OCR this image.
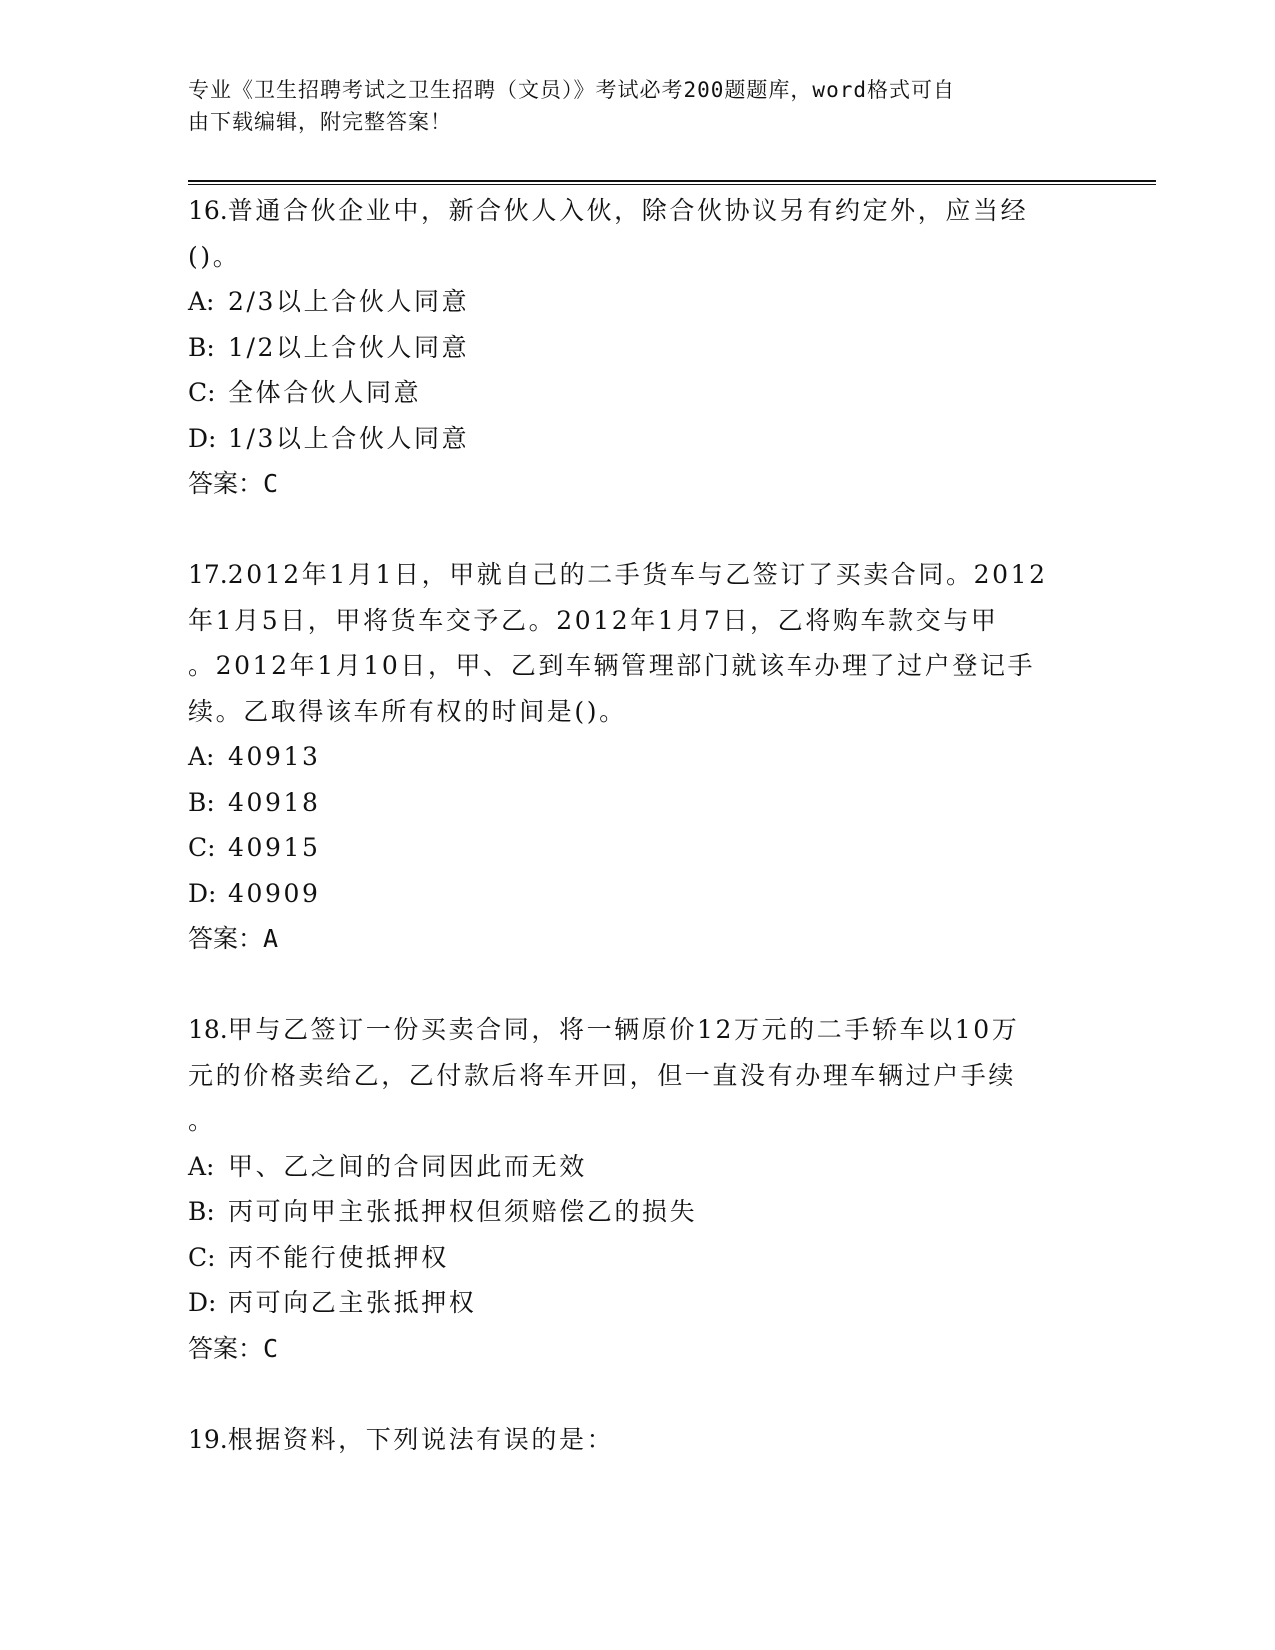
专业《卫生招聘考试之卫生招聘（文员）》考试必考200题题库，word格式可自
由下载编辑，附完整答案！
16.普通合伙企业中，新合伙人入伙，除合伙协议另有约定外，应当经
()。
A: 2/3以上合伙人同意
B: 1/2以上合伙人同意
C: 全体合伙人同意
D: 1/3以上合伙人同意
答案：C
17.2012年1月1日，甲就自己的二手货车与乙签订了买卖合同。2012
年1月5日，甲将货车交予乙。2012年1月7日，乙将购车款交与甲
。2012年1月10日，甲、乙到车辆管理部门就该车办理了过户登记手
续。乙取得该车所有权的时间是()。
A: 40913
B: 40918
C: 40915
D: 40909
答案：A
18.甲与乙签订一份买卖合同，将一辆原价12万元的二手轿车以10万
元的价格卖给乙，乙付款后将车开回，但一直没有办理车辆过户手续
。
A: 甲、乙之间的合同因此而无效
B: 丙可向甲主张抵押权但须赔偿乙的损失
C: 丙不能行使抵押权
D: 丙可向乙主张抵押权
答案：C
19.根据资料，下列说法有误的是：
